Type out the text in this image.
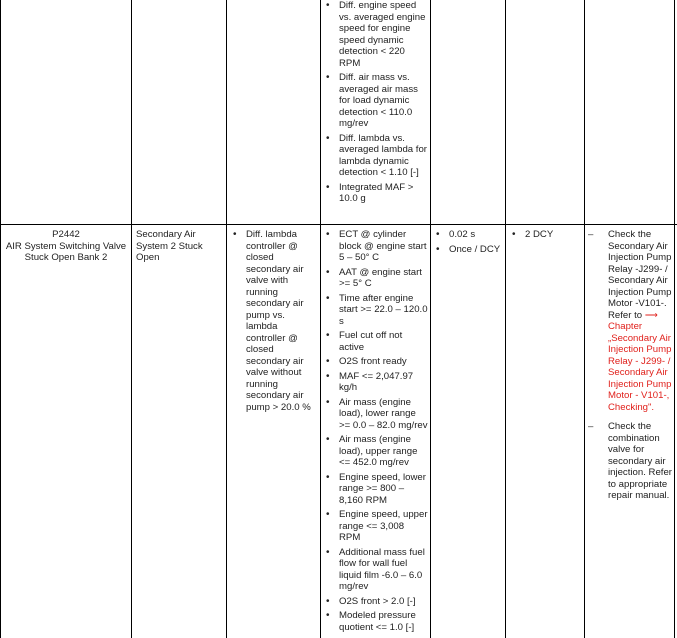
• Diff. engine speed vs. averaged engine speed for engine speed dynamic detection < 220 RPM
• Diff. air mass vs. averaged air mass for load dynamic detection < 110.0 mg/rev
• Diff. lambda vs. averaged lambda for lambda dynamic detection < 1.10 [-]
• Integrated MAF > 10.0 g
P2442
AIR System Switching Valve Stuck Open Bank 2
Secondary Air System 2 Stuck Open
• Diff. lambda controller @ closed secondary air valve with running secondary air pump vs. lambda controller @ closed secondary air valve without running secondary air pump > 20.0 %
• ECT @ cylinder block @ engine start 5 – 50° C
• AAT @ engine start >= 5° C
• Time after engine start >= 22.0 – 120.0 s
• Fuel cut off not active
• O2S front ready
• MAF <= 2,047.97 kg/h
• Air mass (engine load), lower range >= 0.0 – 82.0 mg/rev
• Air mass (engine load), upper range <= 452.0 mg/rev
• Engine speed, lower range >= 800 – 8,160 RPM
• Engine speed, upper range <= 3,008 RPM
• Additional mass fuel flow for wall fuel liquid film -6.0 – 6.0 mg/rev
• O2S front > 2.0 [-]
• Modeled pressure quotient <= 1.0 [-]
• 0.02 s
• Once / DCY
• 2 DCY
–	Check the Secondary Air Injection Pump Relay -J299- / Secondary Air Injection Pump Motor -V101-. Refer to ⟶ Chapter „Secondary Air Injection Pump Relay - J299- / Secondary Air Injection Pump Motor - V101-, Checking".
– Check the combination valve for secondary air injection. Refer to appropriate repair manual.
